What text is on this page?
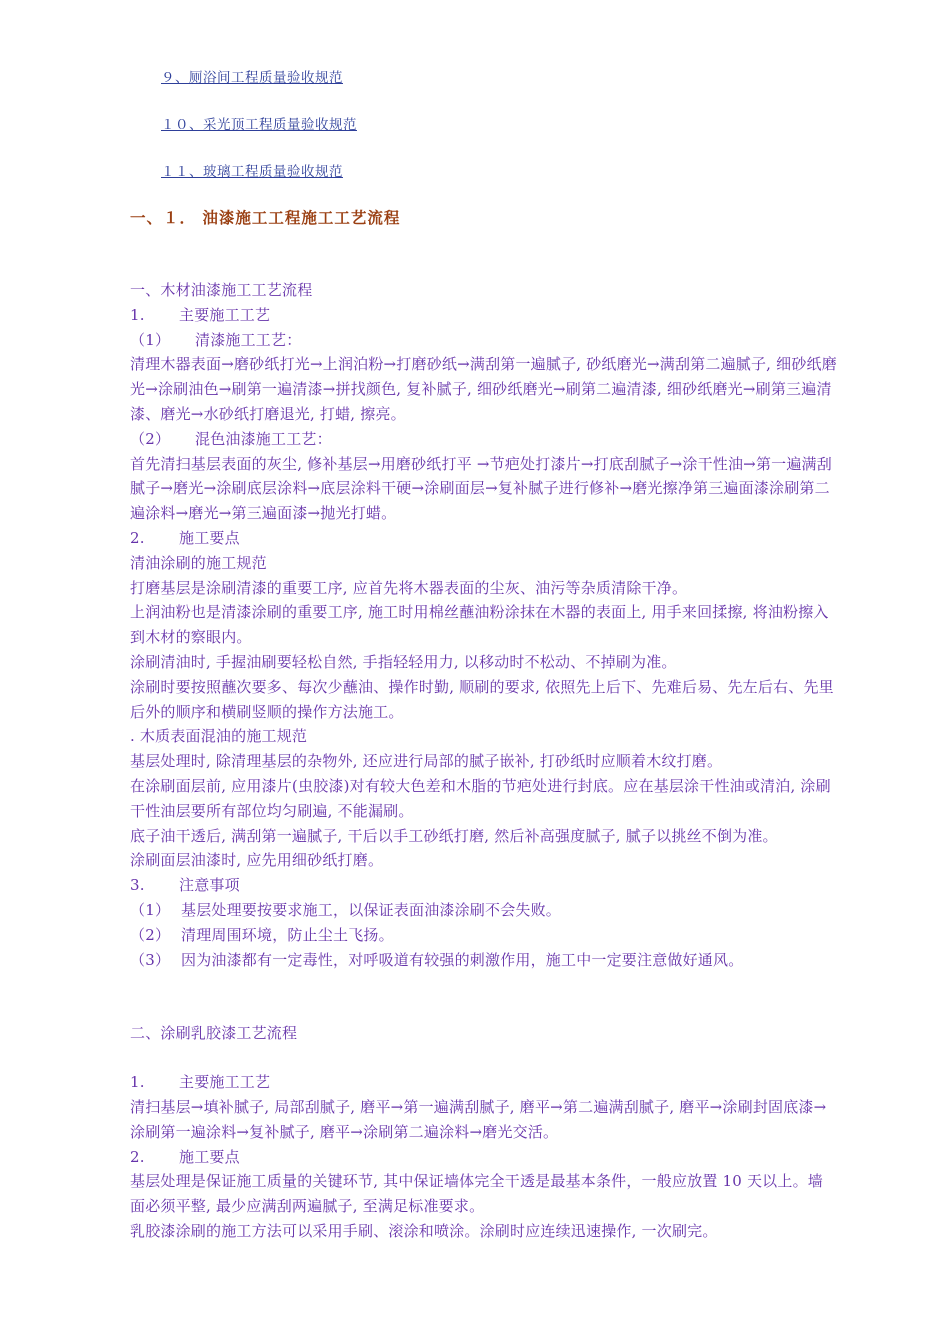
９、厕浴间工程质量验收规范
１０、采光顶工程质量验收规范
１１、玻璃工程质量验收规范
一、１． 油漆施工工程施工工艺流程

一、木材油漆施工工艺流程

1. 主要施工工艺

（1） 清漆施工工艺：

清理木器表面→磨砂纸打光→上润泊粉→打磨砂纸→满刮第一遍腻子, 砂纸磨光→满刮第二遍腻子, 细砂纸磨光→涂刷油色→刷第一遍清漆→拼找颜色, 复补腻子, 细砂纸磨光→刷第二遍清漆, 细砂纸磨光→刷第三遍清漆、磨光→水砂纸打磨退光, 打蜡, 擦亮。

（2） 混色油漆施工工艺：

首先清扫基层表面的灰尘, 修补基层→用磨砂纸打平 →节疤处打漆片→打底刮腻子→涂干性油→第一遍满刮腻子→磨光→涂刷底层涂料→底层涂料干硬→涂刷面层→复补腻子进行修补→磨光擦净第三遍面漆涂刷第二遍涂料→磨光→第三遍面漆→抛光打蜡。

2. 施工要点

清油涂刷的施工规范

打磨基层是涂刷清漆的重要工序, 应首先将木器表面的尘灰、油污等杂质清除干净。

上润油粉也是清漆涂刷的重要工序, 施工时用棉丝蘸油粉涂抹在木器的表面上, 用手来回揉擦, 将油粉擦入到木材的察眼内。

涂刷清油时, 手握油刷要轻松自然, 手指轻轻用力, 以移动时不松动、不掉刷为准。

涂刷时要按照蘸次要多、每次少蘸油、操作时勤, 顺刷的要求, 依照先上后下、先难后易、先左后右、先里后外的顺序和横刷竖顺的操作方法施工。

. 木质表面混油的施工规范

基层处理时, 除清理基层的杂物外, 还应进行局部的腻子嵌补, 打砂纸时应顺着木纹打磨。

在涂刷面层前, 应用漆片(虫胶漆)对有较大色差和木脂的节疤处进行封底。应在基层涂干性油或清泊, 涂刷干性油层要所有部位均匀刷遍, 不能漏刷。

底子油干透后, 满刮第一遍腻子, 干后以手工砂纸打磨, 然后补高强度腻子, 腻子以挑丝不倒为准。

涂刷面层油漆时, 应先用细砂纸打磨。

3. 注意事项

（1） 基层处理要按要求施工，以保证表面油漆涂刷不会失败。

（2） 清理周围环境，防止尘土飞扬。

（3） 因为油漆都有一定毒性，对呼吸道有较强的刺激作用，施工中一定要注意做好通风。

二、涂刷乳胶漆工艺流程

1. 主要施工工艺

清扫基层→填补腻子, 局部刮腻子, 磨平→第一遍满刮腻子, 磨平→第二遍满刮腻子, 磨平→涂刷封固底漆→涂刷第一遍涂料→复补腻子, 磨平→涂刷第二遍涂料→磨光交活。

2. 施工要点

基层处理是保证施工质量的关键环节, 其中保证墙体完全干透是最基本条件，一般应放置 10 天以上。墙面必须平整, 最少应满刮两遍腻子, 至满足标准要求。

乳胶漆涂刷的施工方法可以采用手刷、滚涂和喷涂。涂刷时应连续迅速操作, 一次刷完。
